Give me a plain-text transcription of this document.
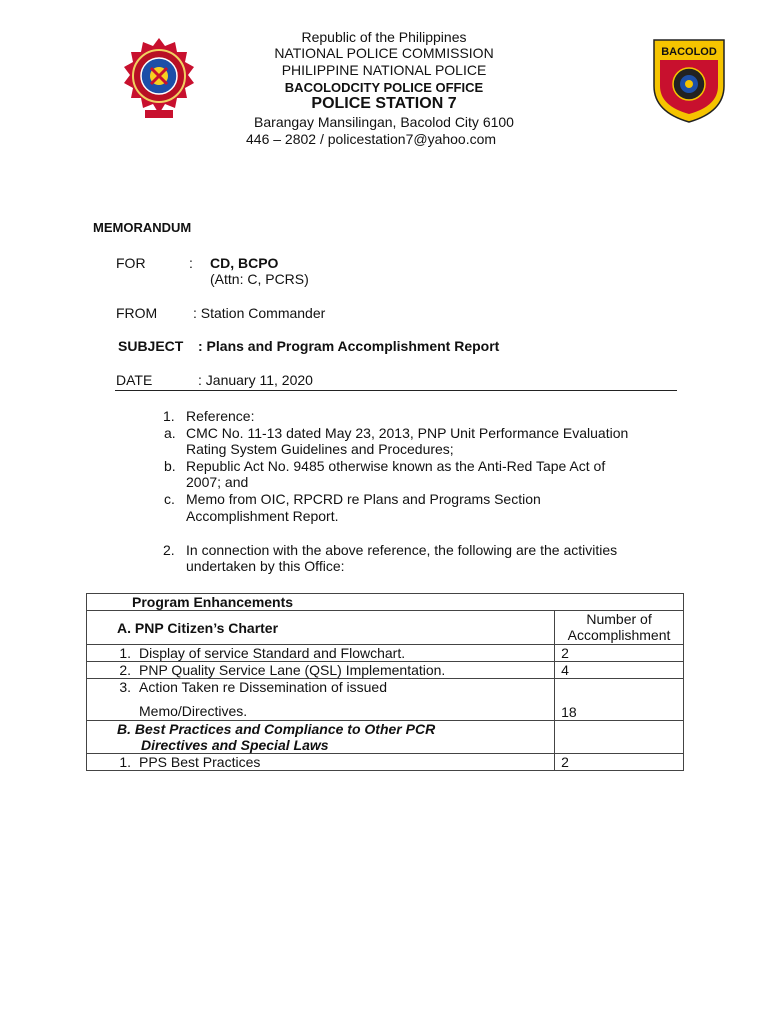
BACOLOD
Republic of the Philippines
NATIONAL POLICE COMMISSION
PHILIPPINE NATIONAL POLICE
BACOLODCITY POLICE OFFICE
POLICE STATION 7
Barangay Mansilingan, Bacolod City 6100
446 – 2802 / policestation7@yahoo.com
MEMORANDUM
FOR	: CD, BCPO
(Attn: C, PCRS)
FROM	: Station Commander
SUBJECT : Plans and Program Accomplishment Report
DATE	: January 11, 2020
1. Reference:
a. CMC No. 11-13 dated May 23, 2013, PNP Unit Performance Evaluation
Rating System Guidelines and Procedures;
b. Republic Act No. 9485 otherwise known as the Anti-Red Tape Act of
2007; and
c. Memo from OIC, RPCRD re Plans and Programs Section
Accomplishment Report.
2. In connection with the above reference, the following are the activities
undertaken by this Office:
Program Enhancements	
A. PNP Citizen’s Charter	Number of
Accomplishment

1. Display of service Standard and Flowchart.	2
2. PNP Quality Service Lane (QSL) Implementation.	4

3. Action Taken re Dissemination of issued
Memo/Directives.	18

B. Best Practices and Compliance to Other PCR
Directives and Special Laws	

1. PPS Best Practices	2
